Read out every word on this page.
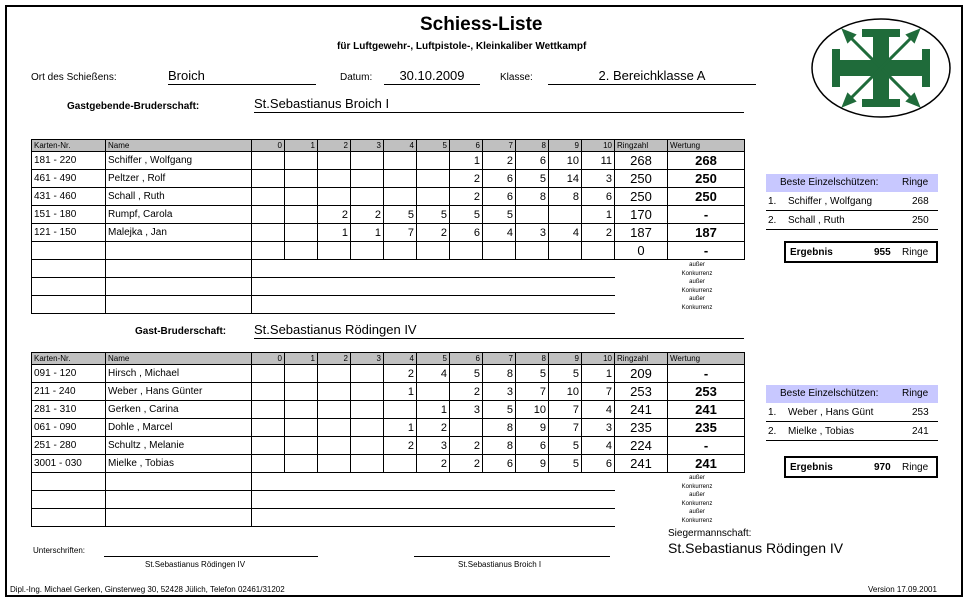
Schiess-Liste
für Luftgewehr-, Luftpistole-, Kleinkaliber Wettkampf
Ort des Schießens:	Broich	Datum:	30.10.2009	Klasse:	2. Bereichklasse A
Gastgebende-Bruderschaft:	St.Sebastianus Broich I
Karten-Nr.	Name	0	1	2	3	4	5	6	7	8	9	10	Ringzahl	Wertung
181 - 220	Schiffer , Wolfgang							1	2	6	10	11	268	268
461 - 490	Peltzer , Rolf							2	6	5	14	3	250	250
431 - 460	Schall , Ruth							2	6	8	8	6	250	250
151 - 180	Rumpf, Carola			2	2	5	5	5	5			1	170	-
121 - 150	Malejka , Jan			1	1	7	2	6	4	3	4	2	187	187
													0	-

außer
Konkurrenz
außer
Konkurrenz
außer
Konkurrenz
Beste Einzelschützen: Ringe
1. Schiffer , Wolfgang	268
2. Schall , Ruth	250
Ergebnis	955 Ringe
Gast-Bruderschaft: St.Sebastianus Rödingen IV
Karten-Nr.	Name	0	1	2	3	4	5	6	7	8	9	10	Ringzahl	Wertung
091 - 120	Hirsch , Michael					2	4	5	8	5	5	1	209	-
211 - 240	Weber , Hans Günter					1		2	3	7	10	7	253	253
281 - 310	Gerken , Carina						1	3	5	10	7	4	241	241
061 - 090	Dohle , Marcel					1	2		8	9	7	3	235	235
251 - 280	Schultz , Melanie					2	3	2	8	6	5	4	224	-
3001 - 030	Mielke , Tobias						2	2	6	9	5	6	241	241

außer
Konkurrenz
außer
Konkurrenz
außer
Konkurrenz
Beste Einzelschützen: Ringe
1. Weber , Hans Günt	253
2. Mielke , Tobias	241
Ergebnis	970 Ringe
Siegermannschaft:
St.Sebastianus Rödingen IV
Unterschriften:
St.Sebastianus Rödingen IV	St.Sebastianus Broich I
Dipl.-Ing. Michael Gerken, Ginsterweg 30, 52428 Jülich, Telefon 02461/31202	Version 17.09.2001
